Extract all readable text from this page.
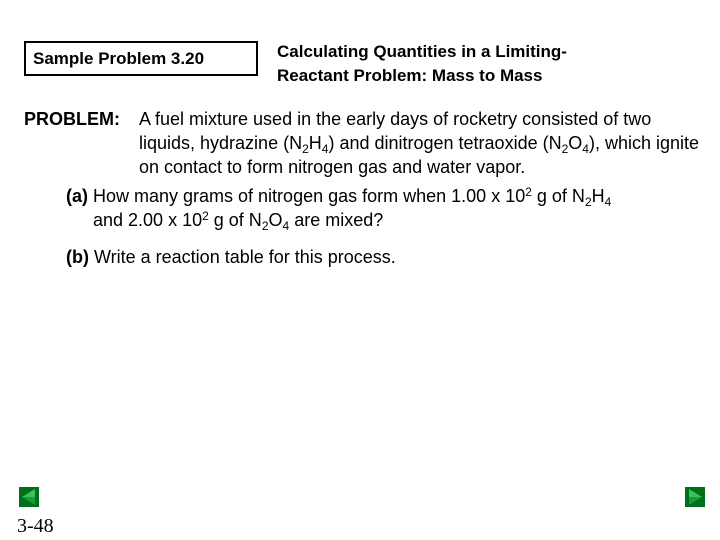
Sample Problem 3.20	Calculating Quantities in a Limiting-
Reactant Problem: Mass to Mass
PROBLEM: A fuel mixture used in the early days of rocketry consisted of two liquids, hydrazine $(N_2H_4)$ and dinitrogen tetraoxide $(N_2O_4)$, which ignite on contact to form nitrogen gas and water vapor.
(a) How many grams of nitrogen gas form when 1.00 x $10^2$ g of $N_2H_4$
and 2.00 x $10^2$ g of $N_2O_4$ are mixed?
(b) Write a reaction table for this process.
3-48
